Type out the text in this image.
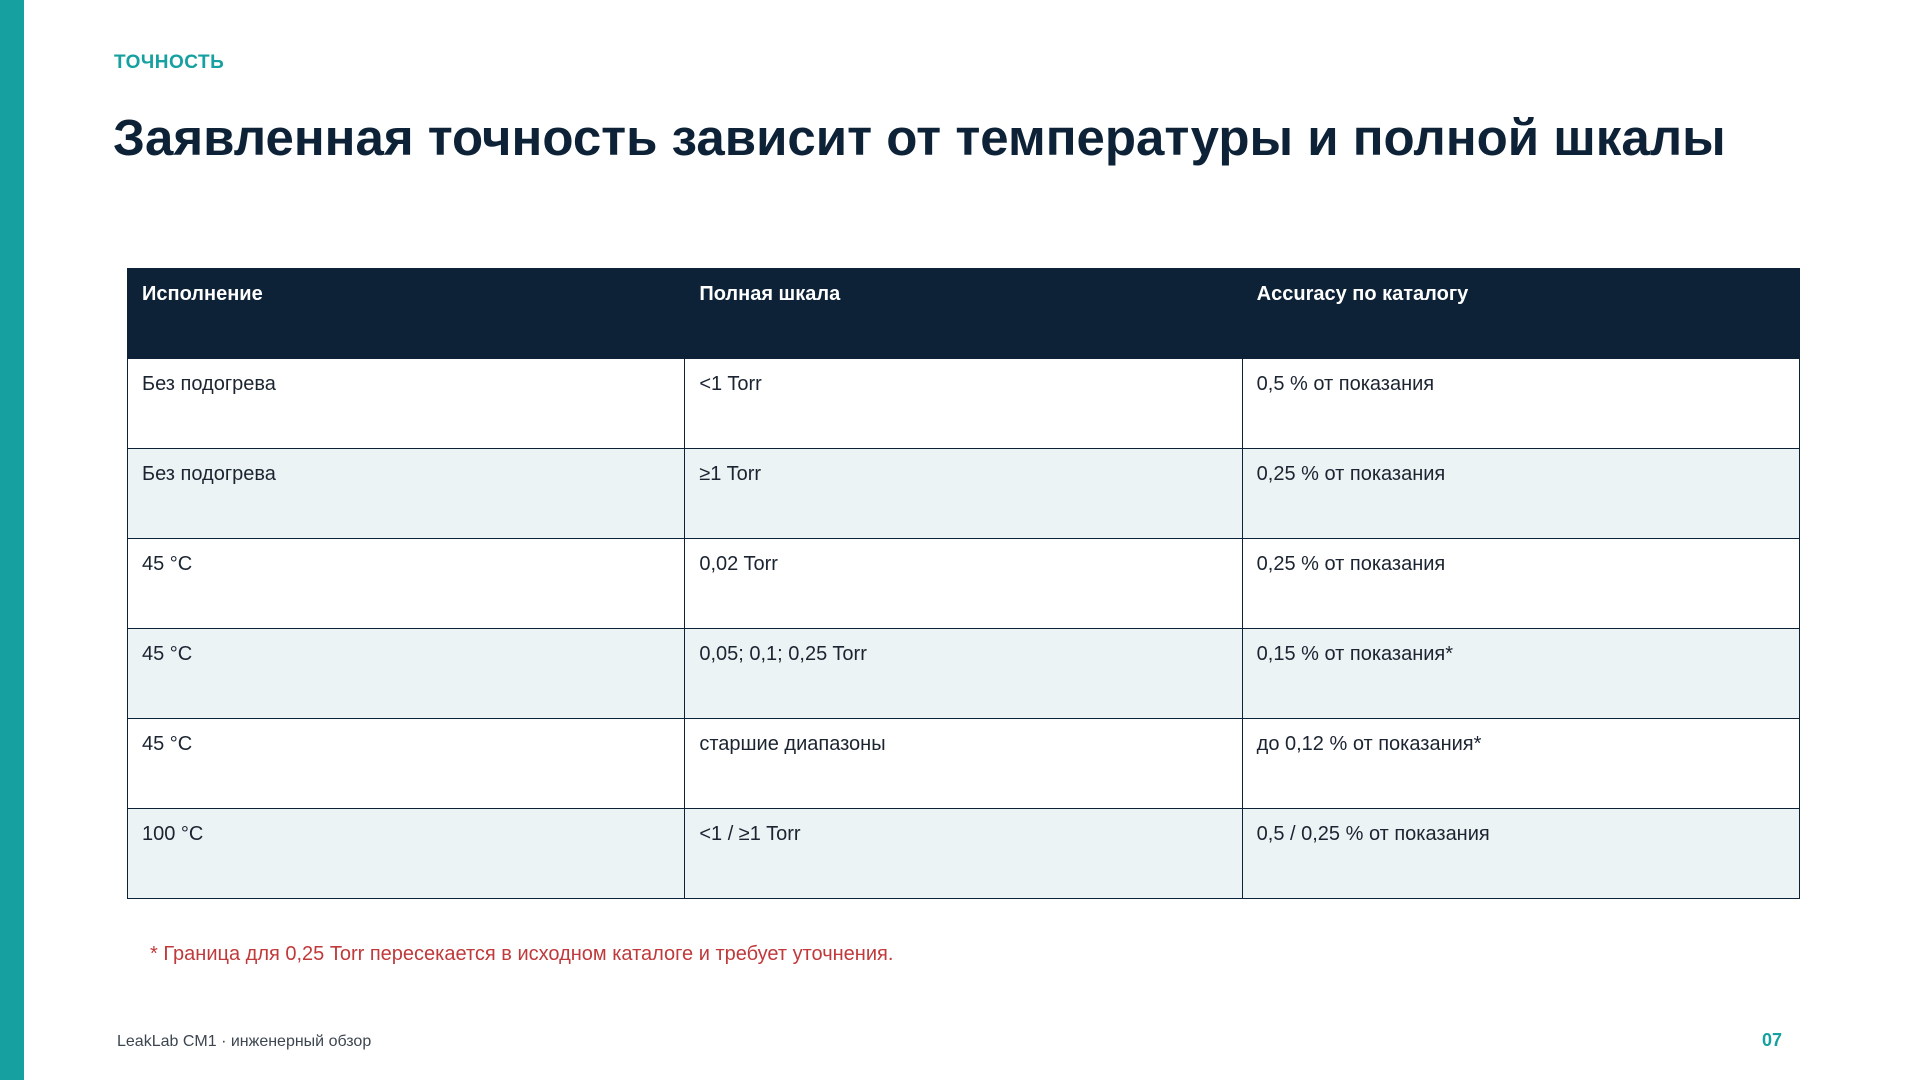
ТОЧНОСТЬ
Заявленная точность зависит от температуры и полной шкалы
Исполнение	Полная шкала	Accuracy по каталогу
Без подогрева	<1 Torr	0,5 % от показания
Без подогрева	≥1 Torr	0,25 % от показания
45 °C	0,02 Torr	0,25 % от показания
45 °C	0,05; 0,1; 0,25 Torr	0,15 % от показания*
45 °C	старшие диапазоны	до 0,12 % от показания*
100 °C	<1 / ≥1 Torr	0,5 / 0,25 % от показания
* Граница для 0,25 Torr пересекается в исходном каталоге и требует уточнения.
LeakLab CM1 · инженерный обзор	07
